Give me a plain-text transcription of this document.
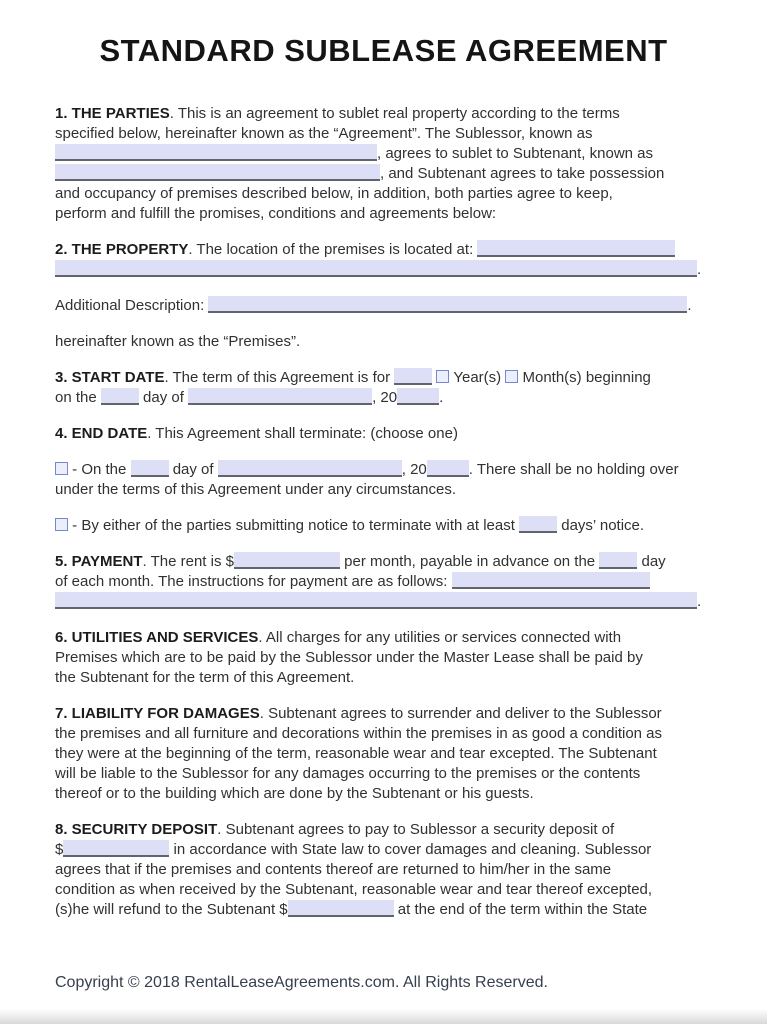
STANDARD SUBLEASE AGREEMENT

1. THE PARTIES. This is an agreement to sublet real property according to the terms
specified below, hereinafter known as the “Agreement”. The Sublessor, known as
, agrees to sublet to Subtenant, known as
, and Subtenant agrees to take possession
and occupancy of premises described below, in addition, both parties agree to keep,
perform and fulfill the promises, conditions and agreements below:

2. THE PROPERTY. The location of the premises is located at:
.

Additional Description:	.

hereinafter known as the “Premises”.

3. START DATE. The term of this Agreement is for	Year(s)  Month(s) beginning
on the	day of	, 20	.

4. END DATE. This Agreement shall terminate: (choose one)

- On the	day of	, 20	. There shall be no holding over
under the terms of this Agreement under any circumstances.

- By either of the parties submitting notice to terminate with at least	days’ notice.

5. PAYMENT. The rent is $	per month, payable in advance on the	day
of each month. The instructions for payment are as follows:
.

6. UTILITIES AND SERVICES. All charges for any utilities or services connected with
Premises which are to be paid by the Sublessor under the Master Lease shall be paid by
the Subtenant for the term of this Agreement.

7. LIABILITY FOR DAMAGES. Subtenant agrees to surrender and deliver to the Sublessor
the premises and all furniture and decorations within the premises in as good a condition as
they were at the beginning of the term, reasonable wear and tear excepted. The Subtenant
will be liable to the Sublessor for any damages occurring to the premises or the contents
thereof or to the building which are done by the Subtenant or his guests.

8. SECURITY DEPOSIT. Subtenant agrees to pay to Sublessor a security deposit of
$	in accordance with State law to cover damages and cleaning. Sublessor
agrees that if the premises and contents thereof are returned to him/her in the same
condition as when received by the Subtenant, reasonable wear and tear thereof excepted,
(s)he will refund to the Subtenant $	at the end of the term within the State

Copyright © 2018 RentalLeaseAgreements.com. All Rights Reserved.
